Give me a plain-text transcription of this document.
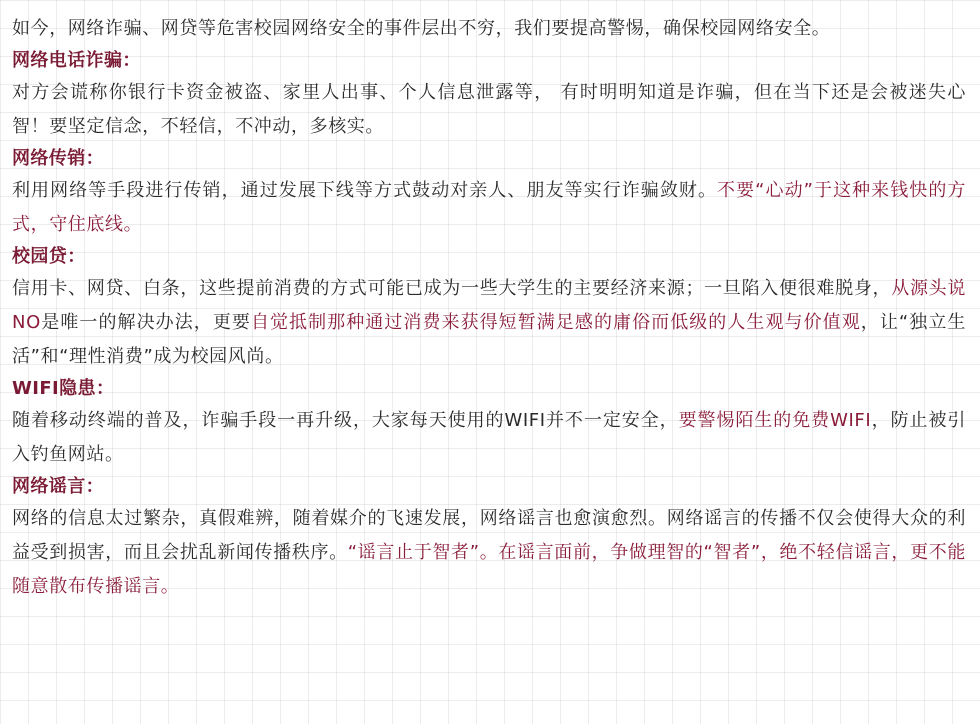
如今，网络诈骗、网贷等危害校园网络安全的事件层出不穷，我们要提高警惕，确保校园网络安全。

网络电话诈骗：

对方会谎称你银行卡资金被盗、家里人出事、个人信息泄露等， 有时明明知道是诈骗，但在当下还是会被迷失心智！要坚定信念，不轻信，不冲动，多核实。

网络传销：

利用网络等手段进行传销，通过发展下线等方式鼓动对亲人、朋友等实行诈骗敛财。不要“心动”于这种来钱快的方式，守住底线。

校园贷：

信用卡、网贷、白条，这些提前消费的方式可能已成为一些大学生的主要经济来源；一旦陷入便很难脱身，从源头说NO是唯一的解决办法，更要自觉抵制那种通过消费来获得短暂满足感的庸俗而低级的人生观与价值观，让“独立生活”和“理性消费”成为校园风尚。

WIFI隐患：

随着移动终端的普及，诈骗手段一再升级，大家每天使用的WIFI并不一定安全，要警惕陌生的免费WIFI，防止被引入钓鱼网站。

网络谣言：

网络的信息太过繁杂，真假难辨，随着媒介的飞速发展，网络谣言也愈演愈烈。网络谣言的传播不仅会使得大众的利益受到损害，而且会扰乱新闻传播秩序。“谣言止于智者”。在谣言面前，争做理智的“智者”，绝不轻信谣言，更不能随意散布传播谣言。
